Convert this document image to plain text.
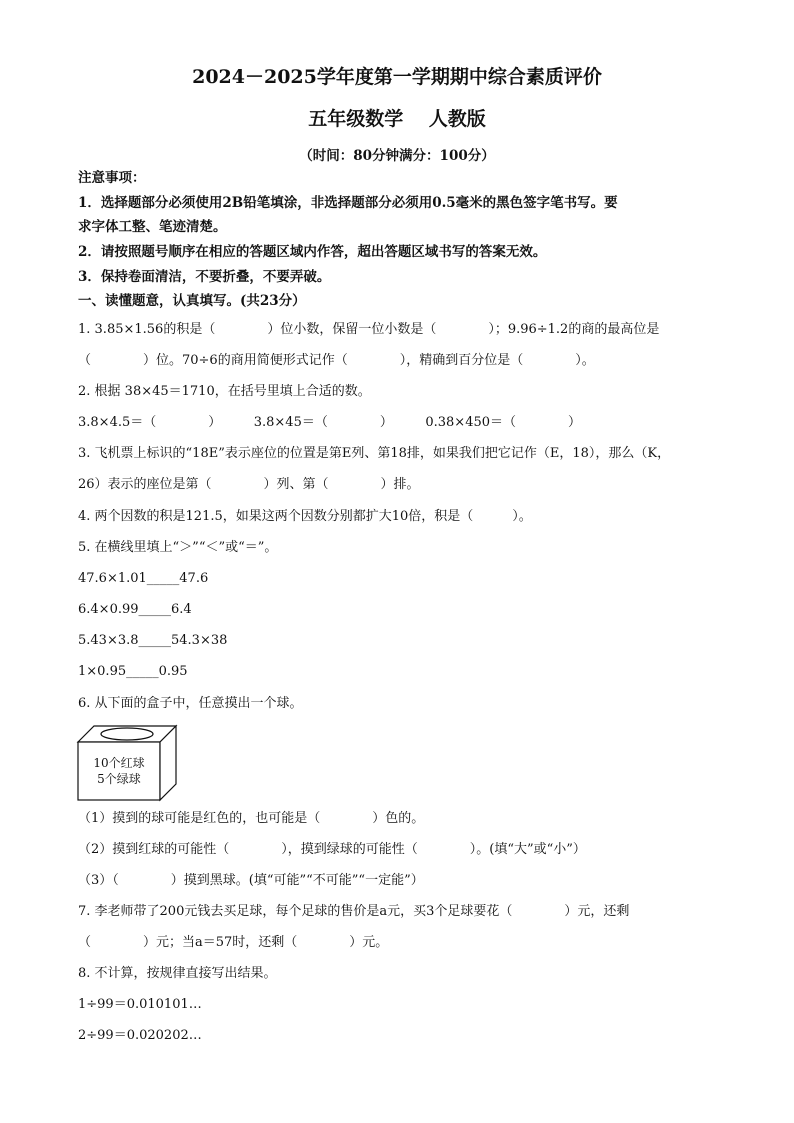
2024－2025学年度第一学期期中综合素质评价
五年级数学　 人教版
（时间：80分钟满分：100分）
注意事项：
1．选择题部分必须使用2B铅笔填涂，非选择题部分必须用0.5毫米的黑色签字笔书写。要
求字体工整、笔迹清楚。
2．请按照题号顺序在相应的答题区域内作答，超出答题区域书写的答案无效。
3．保持卷面清洁，不要折叠，不要弄破。
一、读懂题意，认真填写。(共23分）
1. 3.85×1.56的积是（　　　　）位小数，保留一位小数是（　　　　）；9.96÷1.2的商的最高位是
（　　　　）位。70÷6的商用简便形式记作（　　　　），精确到百分位是（　　　　）。
2. 根据 38×45＝1710，在括号里填上合适的数。
3.8×4.5＝（　　　　）　　　3.8×45＝（　　　　）　　　0.38×450＝（　　　　）
3. 飞机票上标识的“18E”表示座位的位置是第E列、第18排，如果我们把它记作（E，18），那么（K，
26）表示的座位是第（　　　　）列、第（　　　　）排。
4. 两个因数的积是121.5，如果这两个因数分别都扩大10倍，积是（　　　）。
5. 在横线里填上“＞”“＜”或“＝”。
47.6×1.01_____47.6
6.4×0.99_____6.4
5.43×3.8_____54.3×38
1×0.95_____0.95
6. 从下面的盒子中，任意摸出一个球。
10个红球
5个绿球
（1）摸到的球可能是红色的，也可能是（　　　　）色的。
（2）摸到红球的可能性（　　　　），摸到绿球的可能性（　　　　）。(填“大”或“小”）
（3）（　　　　）摸到黑球。(填“可能”“不可能”“一定能”）
7. 李老师带了200元钱去买足球，每个足球的售价是a元，买3个足球要花（　　　　）元，还剩
（　　　　）元；当a＝57时，还剩（　　　　）元。
8. 不计算，按规律直接写出结果。
1÷99＝0.010101…
2÷99＝0.020202…
